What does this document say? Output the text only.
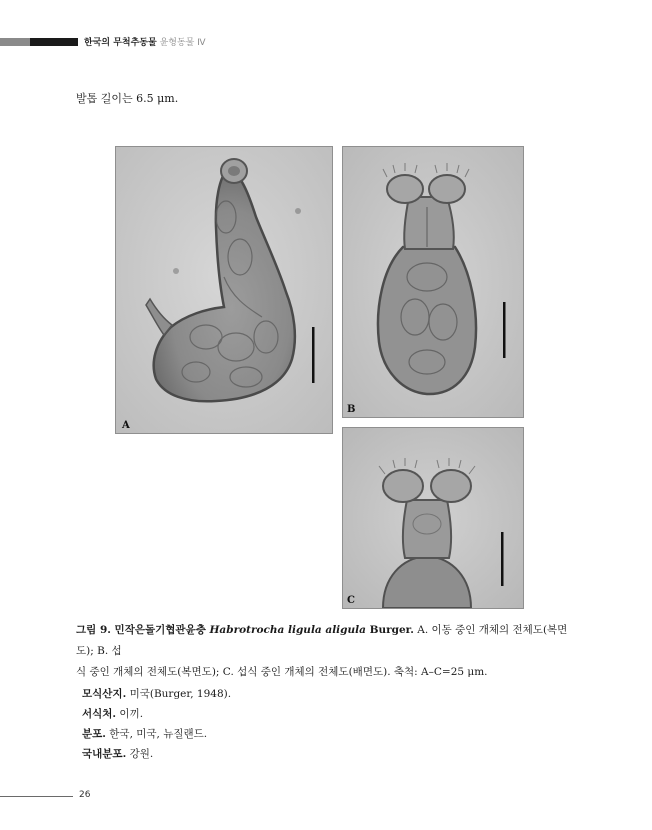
한국의 무척추동물 윤형동물 Ⅳ
발톱 길이는 6.5 μm.
A
B
C
그림 9. 민작은돌기협관윤충 Habrotrocha ligula aligula Burger. A. 이동 중인 개체의 전체도(복면도); B. 섭
식 중인 개체의 전체도(복면도); C. 섭식 중인 개체의 전체도(배면도). 축척: A–C=25 μm.
모식산지. 미국(Burger, 1948).
서식처. 이끼.
분포. 한국, 미국, 뉴질랜드.
국내분포. 강원.
26
